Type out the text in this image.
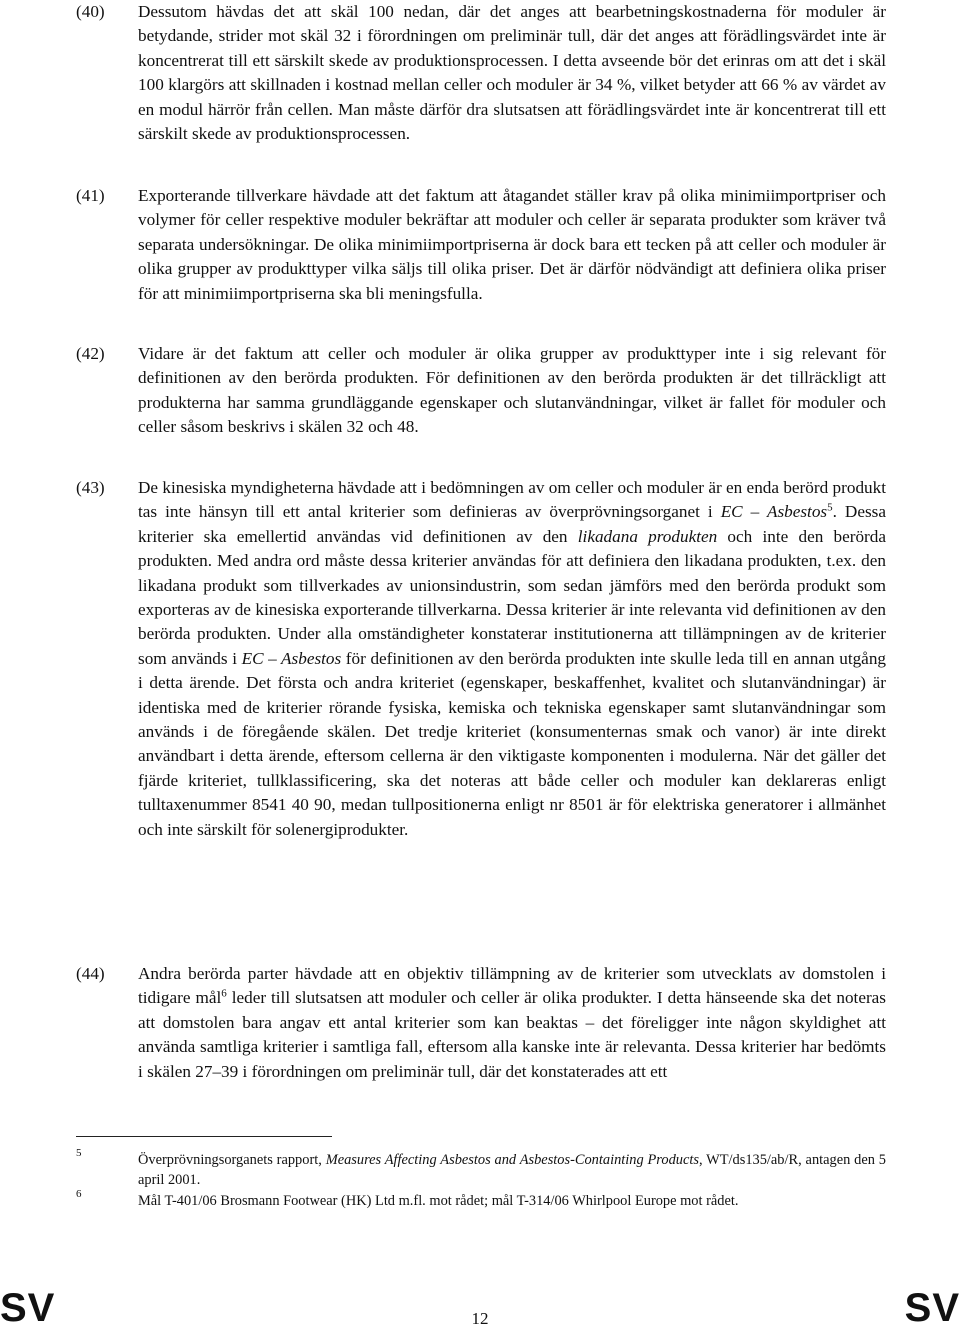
(40)	Dessutom hävdas det att skäl 100 nedan, där det anges att bearbetningskostnaderna för moduler är betydande, strider mot skäl 32 i förordningen om preliminär tull, där det anges att förädlingsvärdet inte är koncentrerat till ett särskilt skede av produktionsprocessen. I detta avseende bör det erinras om att det i skäl 100 klargörs att skillnaden i kostnad mellan celler och moduler är 34 %, vilket betyder att 66 % av värdet av en modul härrör från cellen. Man måste därför dra slutsatsen att förädlingsvärdet inte är koncentrerat till ett särskilt skede av produktionsprocessen.
(41)	Exporterande tillverkare hävdade att det faktum att åtagandet ställer krav på olika minimiimportpriser och volymer för celler respektive moduler bekräftar att moduler och celler är separata produkter som kräver två separata undersökningar. De olika minimiimportpriserna är dock bara ett tecken på att celler och moduler är olika grupper av produkttyper vilka säljs till olika priser. Det är därför nödvändigt att definiera olika priser för att minimiimportpriserna ska bli meningsfulla.
(42)	Vidare är det faktum att celler och moduler är olika grupper av produkttyper inte i sig relevant för definitionen av den berörda produkten. För definitionen av den berörda produkten är det tillräckligt att produkterna har samma grundläggande egenskaper och slutanvändningar, vilket är fallet för moduler och celler såsom beskrivs i skälen 32 och 48.
(43)	De kinesiska myndigheterna hävdade att i bedömningen av om celler och moduler är en enda berörd produkt tas inte hänsyn till ett antal kriterier som definieras av överprövningsorganet i EC – Asbestos$^5$. Dessa kriterier ska emellertid användas vid definitionen av den likadana produkten och inte den berörda produkten. Med andra ord måste dessa kriterier användas för att definiera den likadana produkten, t.ex. den likadana produkt som tillverkades av unionsindustrin, som sedan jämförs med den berörda produkt som exporteras av de kinesiska exporterande tillverkarna. Dessa kriterier är inte relevanta vid definitionen av den berörda produkten. Under alla omständigheter konstaterar institutionerna att tillämpningen av de kriterier som används i EC – Asbestos för definitionen av den berörda produkten inte skulle leda till en annan utgång i detta ärende. Det första och andra kriteriet (egenskaper, beskaffenhet, kvalitet och slutanvändningar) är identiska med de kriterier rörande fysiska, kemiska och tekniska egenskaper samt slutanvändningar som används i de föregående skälen. Det tredje kriteriet (konsumenternas smak och vanor) är inte direkt användbart i detta ärende, eftersom cellerna är den viktigaste komponenten i modulerna. När det gäller det fjärde kriteriet, tullklassificering, ska det noteras att både celler och moduler kan deklareras enligt tulltaxenummer 8541 40 90, medan tullpositionerna enligt nr 8501 är för elektriska generatorer i allmänhet och inte särskilt för solenergiprodukter.
(44)	Andra berörda parter hävdade att en objektiv tillämpning av de kriterier som utvecklats av domstolen i tidigare mål$^6$ leder till slutsatsen att moduler och celler är olika produkter. I detta hänseende ska det noteras att domstolen bara angav ett antal kriterier som kan beaktas – det föreligger inte någon skyldighet att använda samtliga kriterier i samtliga fall, eftersom alla kanske inte är relevanta. Dessa kriterier har bedömts i skälen 27–39 i förordningen om preliminär tull, där det konstaterades att ett
5	Överprövningsorganets rapport, Measures Affecting Asbestos and Asbestos-Containting Products, WT/ds135/ab/R, antagen den 5 april 2001.
6	Mål T-401/06 Brosmann Footwear (HK) Ltd m.fl. mot rådet; mål T-314/06 Whirlpool Europe mot rådet.
SV	12	SV
